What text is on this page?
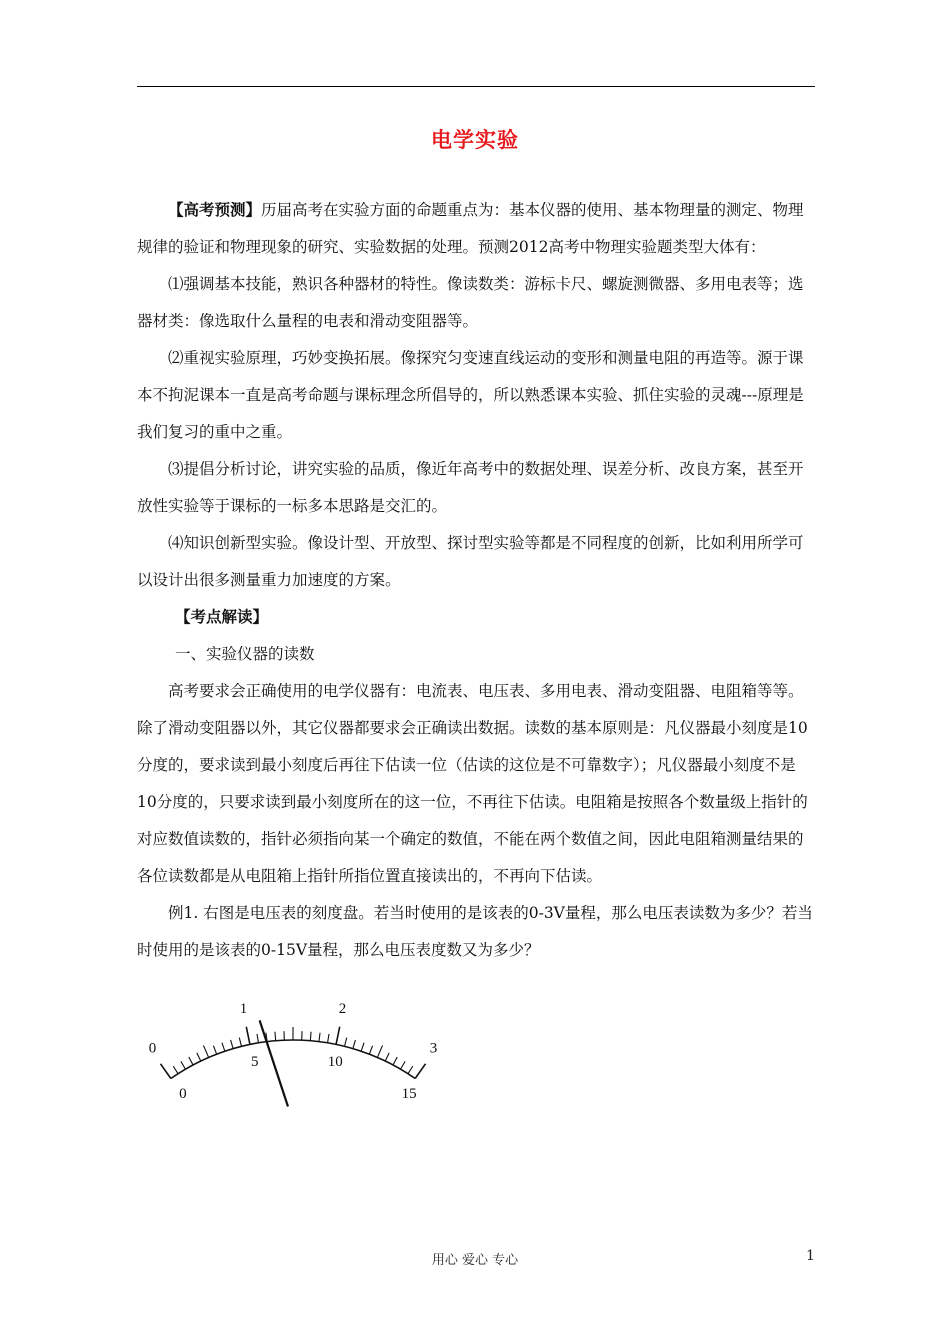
电学实验

【高考预测】历届高考在实验方面的命题重点为：基本仪器的使用、基本物理量的测定、物理规律的验证和物理现象的研究、实验数据的处理。预测2012高考中物理实验题类型大体有：

⑴强调基本技能，熟识各种器材的特性。像读数类：游标卡尺、螺旋测微器、多用电表等；选器材类：像选取什么量程的电表和滑动变阻器等。

⑵重视实验原理，巧妙变换拓展。像探究匀变速直线运动的变形和测量电阻的再造等。源于课本不拘泥课本一直是高考命题与课标理念所倡导的，所以熟悉课本实验、抓住实验的灵魂---原理是我们复习的重中之重。

⑶提倡分析讨论，讲究实验的品质，像近年高考中的数据处理、误差分析、改良方案，甚至开放性实验等于课标的一标多本思路是交汇的。

⑷知识创新型实验。像设计型、开放型、探讨型实验等都是不同程度的创新，比如利用所学可以设计出很多测量重力加速度的方案。

【考点解读】

一、实验仪器的读数

高考要求会正确使用的电学仪器有：电流表、电压表、多用电表、滑动变阻器、电阻箱等等。除了滑动变阻器以外，其它仪器都要求会正确读出数据。读数的基本原则是：凡仪器最小刻度是10分度的，要求读到最小刻度后再往下估读一位（估读的这位是不可靠数字）；凡仪器最小刻度不是10分度的，只要求读到最小刻度所在的这一位，不再往下估读。电阻箱是按照各个数量级上指针的对应数值读数的，指针必须指向某一个确定的数值，不能在两个数值之间，因此电阻箱测量结果的各位读数都是从电阻箱上指针所指位置直接读出的，不再向下估读。

例1. 右图是电压表的刻度盘。若当时使用的是该表的0-3V量程，那么电压表读数为多少？若当时使用的是该表的0-15V量程，那么电压表度数又为多少？

0
1	2
3
0
5	10
15
用心 爱心 专心	1
